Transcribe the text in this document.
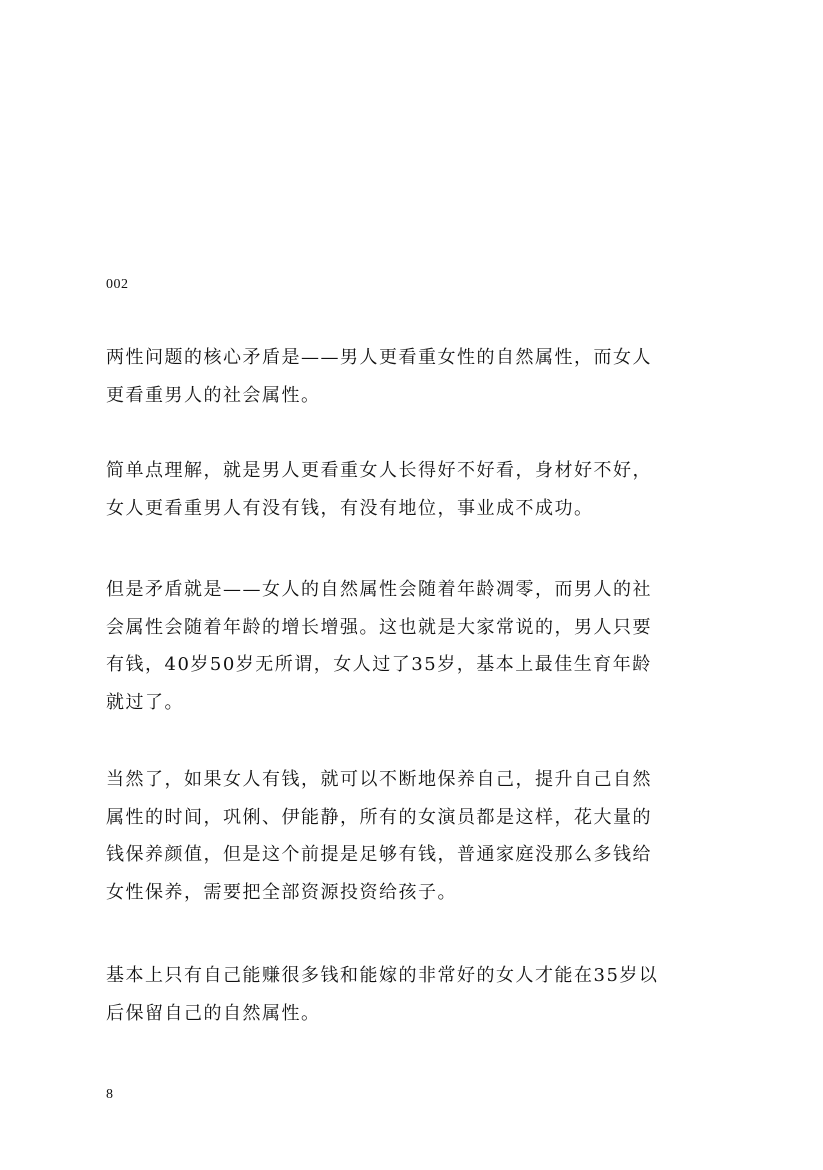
002
两性问题的核心矛盾是——男人更看重女性的自然属性，而女人
更看重男人的社会属性。
简单点理解，就是男人更看重女人长得好不好看，身材好不好，
女人更看重男人有没有钱，有没有地位，事业成不成功。
但是矛盾就是——女人的自然属性会随着年龄凋零，而男人的社
会属性会随着年龄的增长增强。这也就是大家常说的，男人只要
有钱，40岁50岁无所谓，女人过了35岁，基本上最佳生育年龄
就过了。
当然了，如果女人有钱，就可以不断地保养自己，提升自己自然
属性的时间，巩俐、伊能静，所有的女演员都是这样，花大量的
钱保养颜值，但是这个前提是足够有钱，普通家庭没那么多钱给
女性保养，需要把全部资源投资给孩子。
基本上只有自己能赚很多钱和能嫁的非常好的女人才能在35岁以
后保留自己的自然属性。
8
